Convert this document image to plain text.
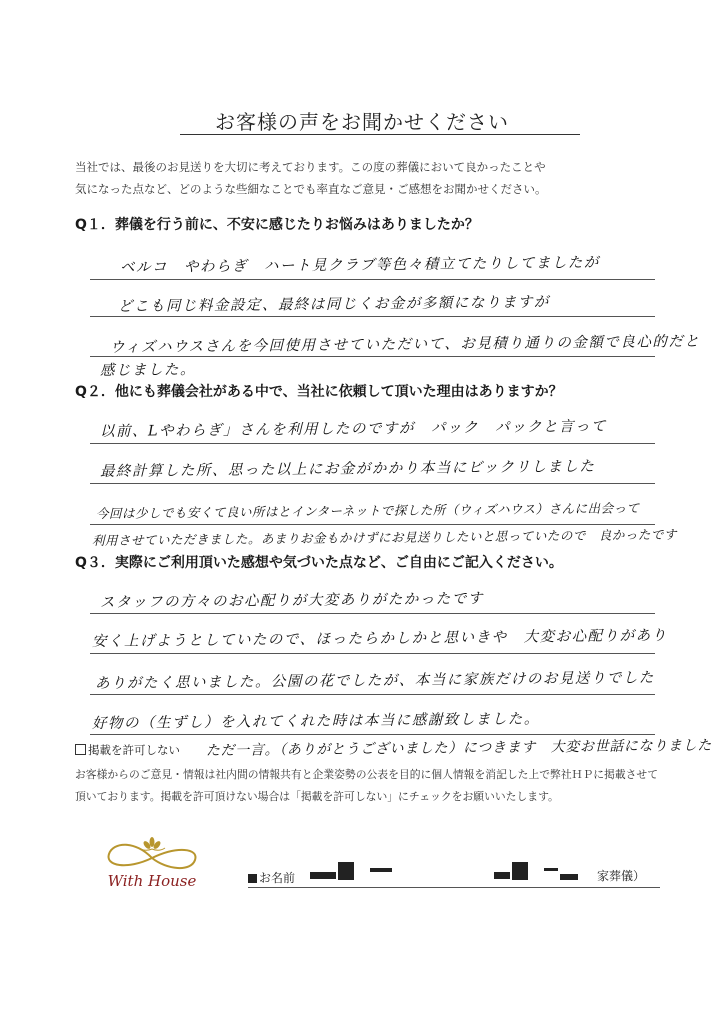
お客様の声をお聞かせください
当社では、最後のお見送りを大切に考えております。この度の葬儀において良かったことや
気になった点など、どのような些細なことでも率直なご意見・ご感想をお聞かせください。
Q１．葬儀を行う前に、不安に感じたりお悩みはありましたか？
ベルコ　やわらぎ　ハート見クラブ等色々積立てたりしてましたが
どこも同じ料金設定、最終は同じくお金が多額になりますが
ウィズハウスさんを今回使用させていただいて、お見積り通りの金額で良心的だと
感じました。
Q２．他にも葬儀会社がある中で、当社に依頼して頂いた理由はありますか？
以前、Lやわらぎ」さんを利用したのですが　パック　パックと言って
最終計算した所、思った以上にお金がかかり本当にビックリしました
今回は少しでも安くて良い所はとインターネットで探した所（ウィズハウス）さんに出会って
利用させていただきました。あまりお金もかけずにお見送りしたいと思っていたので　良かったです
Q３．実際にご利用頂いた感想や気づいた点など、ご自由にご記入ください。
スタッフの方々のお心配りが大変ありがたかったです
安く上げようとしていたので、ほったらかしかと思いきや　大変お心配りがあり
ありがたく思いました。公園の花でしたが、本当に家族だけのお見送りでした
好物の（生ずし）を入れてくれた時は本当に感謝致しました。
掲載を許可しない ただ一言。（ありがとうございました）につきます　大変お世話になりました
お客様からのご意見・情報は社内間の情報共有と企業姿勢の公表を目的に個人情報を消記した上で弊社ＨＰに掲載させて
頂いております。掲載を許可頂けない場合は「掲載を許可しない」にチェックをお願いいたします。
With House	お名前	家葬儀）
